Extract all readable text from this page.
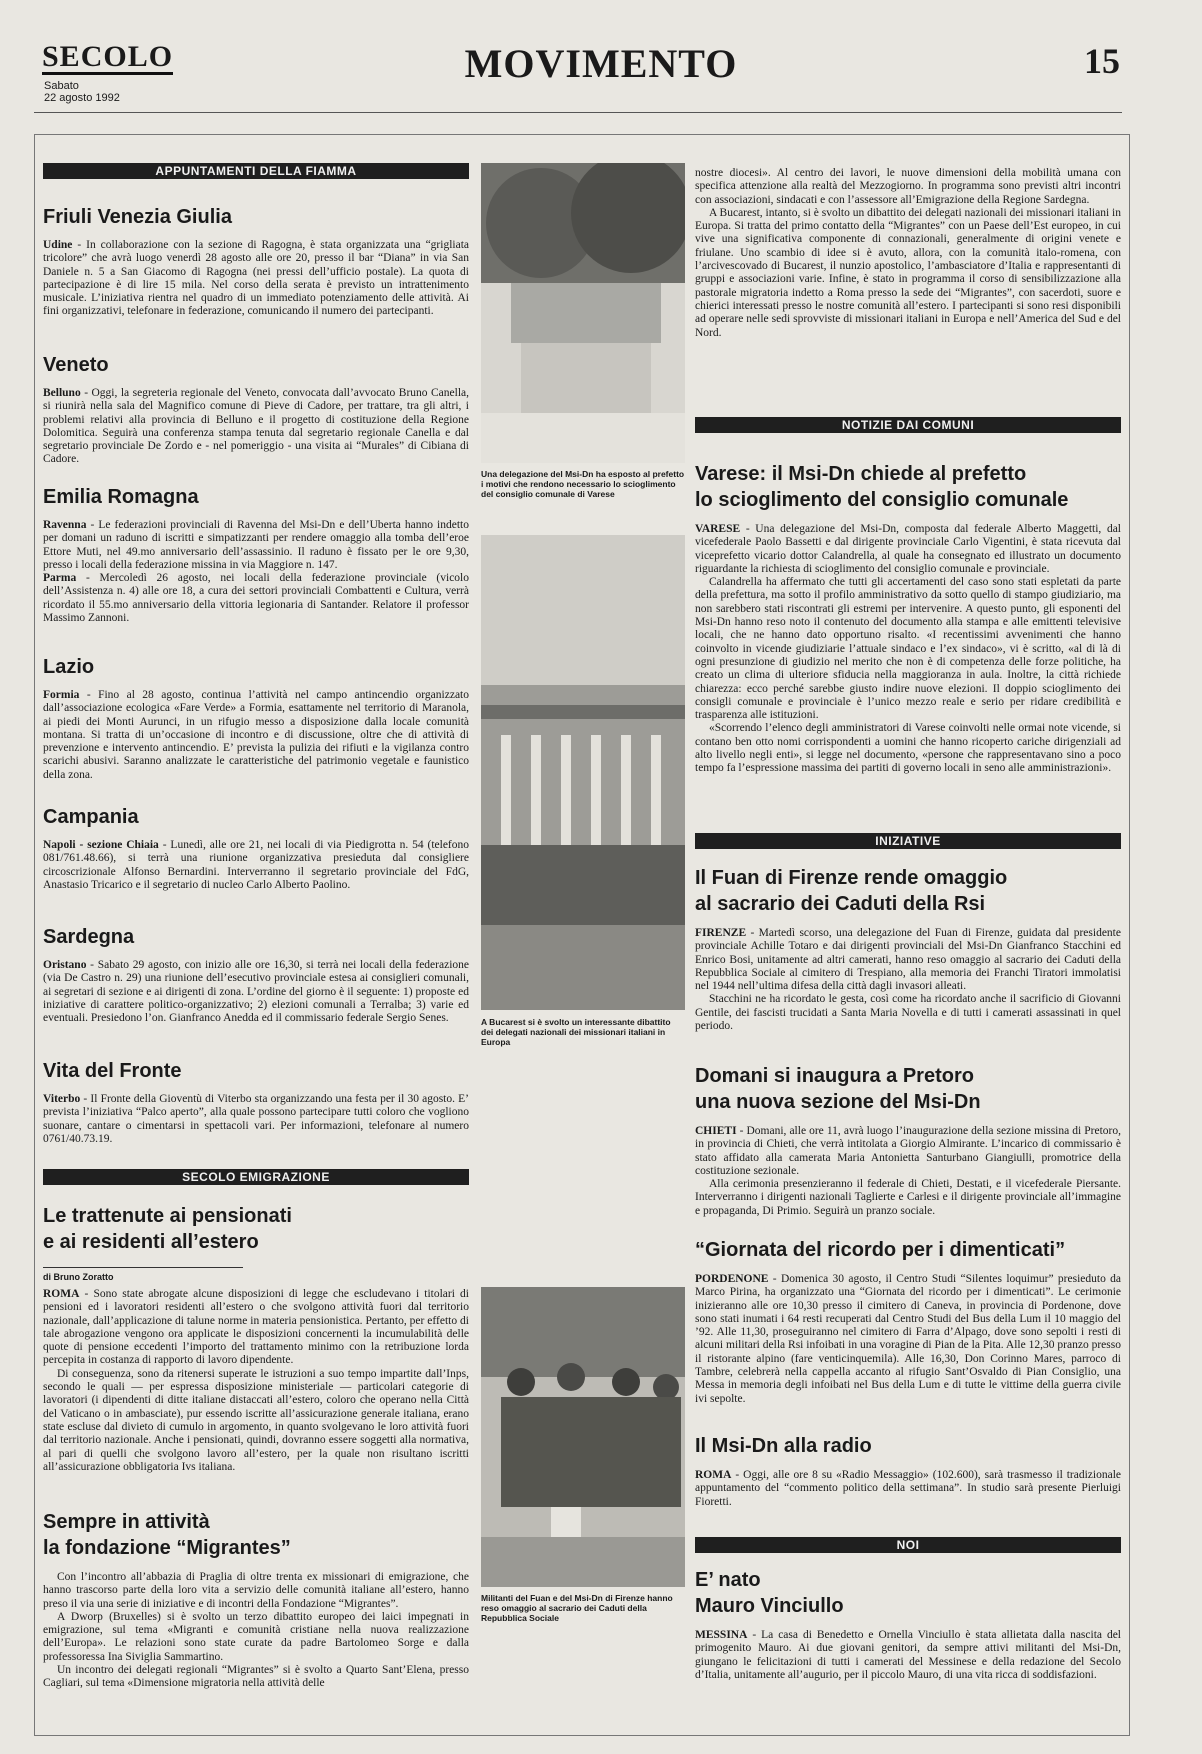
SECOLO
Sabato
22 agosto 1992
MOVIMENTO	15
APPUNTAMENTI DELLA FIAMMA
Friuli Venezia Giulia

Udine - In collaborazione con la sezione di Ragogna, è stata organizzata una “grigliata tricolore” che avrà luogo venerdì 28 agosto alle ore 20, presso il bar “Diana” in via San Daniele n. 5 a San Giacomo di Ragogna (nei pressi dell’ufficio postale). La quota di partecipazione è di lire 15 mila. Nel corso della serata è previsto un intrattenimento musicale. L’iniziativa rientra nel quadro di un immediato potenziamento delle attività. Ai fini organizzativi, telefonare in federazione, comunicando il numero dei partecipanti.

Veneto

Belluno - Oggi, la segreteria regionale del Veneto, convocata dall’avvocato Bruno Canella, si riunirà nella sala del Magnifico comune di Pieve di Cadore, per trattare, tra gli altri, i problemi relativi alla provincia di Belluno e il progetto di costituzione della Regione Dolomitica. Seguirà una conferenza stampa tenuta dal segretario regionale Canella e dal segretario provinciale De Zordo e - nel pomeriggio - una visita ai “Murales” di Cibiana di Cadore.

Emilia Romagna

Ravenna - Le federazioni provinciali di Ravenna del Msi-Dn e dell’Uberta hanno indetto per domani un raduno di iscritti e simpatizzanti per rendere omaggio alla tomba dell’eroe Ettore Muti, nel 49.mo anniversario dell’assassinio. Il raduno è fissato per le ore 9,30, presso i locali della federazione missina in via Maggiore n. 147.

Parma - Mercoledì 26 agosto, nei locali della federazione provinciale (vicolo dell’Assistenza n. 4) alle ore 18, a cura dei settori provinciali Combattenti e Cultura, verrà ricordato il 55.mo anniversario della vittoria legionaria di Santander. Relatore il professor Massimo Zannoni.

Lazio

Formia - Fino al 28 agosto, continua l’attività nel campo antincendio organizzato dall’associazione ecologica «Fare Verde» a Formia, esattamente nel territorio di Maranola, ai piedi dei Monti Aurunci, in un rifugio messo a disposizione dalla locale comunità montana. Si tratta di un’occasione di incontro e di discussione, oltre che di attività di prevenzione e intervento antincendio. E’ prevista la pulizia dei rifiuti e la vigilanza contro scarichi abusivi. Saranno analizzate le caratteristiche del patrimonio vegetale e faunistico della zona.

Campania

Napoli - sezione Chiaia - Lunedì, alle ore 21, nei locali di via Piedigrotta n. 54 (telefono 081/761.48.66), si terrà una riunione organizzativa presieduta dal consigliere circoscrizionale Alfonso Bernardini. Interverranno il segretario provinciale del FdG, Anastasio Tricarico e il segretario di nucleo Carlo Alberto Paolino.

Sardegna

Oristano - Sabato 29 agosto, con inizio alle ore 16,30, si terrà nei locali della federazione (via De Castro n. 29) una riunione dell’esecutivo provinciale estesa ai consiglieri comunali, ai segretari di sezione e ai dirigenti di zona. L’ordine del giorno è il seguente: 1) proposte ed iniziative di carattere politico-organizzativo; 2) elezioni comunali a Terralba; 3) varie ed eventuali. Presiedono l’on. Gianfranco Anedda ed il commissario federale Sergio Senes.

Vita del Fronte

Viterbo - Il Fronte della Gioventù di Viterbo sta organizzando una festa per il 30 agosto. E’ prevista l’iniziativa “Palco aperto”, alla quale possono partecipare tutti coloro che vogliono suonare, cantare o cimentarsi in spettacoli vari. Per informazioni, telefonare al numero 0761/40.73.19.

SECOLO EMIGRAZIONE
Le trattenute ai pensionati
e ai residenti all’estero
di Bruno Zoratto

ROMA - Sono state abrogate alcune disposizioni di legge che escludevano i titolari di pensioni ed i lavoratori residenti all’estero o che svolgono attività fuori dal territorio nazionale, dall’applicazione di talune norme in materia pensionistica. Pertanto, per effetto di tale abrogazione vengono ora applicate le disposizioni concernenti la incumulabilità delle quote di pensione eccedenti l’importo del trattamento minimo con la retribuzione lorda percepita in costanza di rapporto di lavoro dipendente.

Di conseguenza, sono da ritenersi superate le istruzioni a suo tempo impartite dall’Inps, secondo le quali — per espressa disposizione ministeriale — particolari categorie di lavoratori (i dipendenti di ditte italiane distaccati all’estero, coloro che operano nella Città del Vaticano o in ambasciate), pur essendo iscritte all’assicurazione generale italiana, erano state escluse dal divieto di cumulo in argomento, in quanto svolgevano le loro attività fuori dal territorio nazionale. Anche i pensionati, quindi, dovranno essere soggetti alla normativa, al pari di quelli che svolgono lavoro all’estero, per la quale non risultano iscritti all’assicurazione obbligatoria Ivs italiana.

Sempre in attività
la fondazione “Migrantes”

Con l’incontro all’abbazia di Praglia di oltre trenta ex missionari di emigrazione, che hanno trascorso parte della loro vita a servizio delle comunità italiane all’estero, hanno preso il via una serie di iniziative e di incontri della Fondazione “Migrantes”.

A Dworp (Bruxelles) si è svolto un terzo dibattito europeo dei laici impegnati in emigrazione, sul tema «Migranti e comunità cristiane nella nuova realizzazione dell’Europa». Le relazioni sono state curate da padre Bartolomeo Sorge e dalla professoressa Ina Siviglia Sammartino.

Un incontro dei delegati regionali “Migrantes” si è svolto a Quarto Sant’Elena, presso Cagliari, sul tema «Dimensione migratoria nella attività delle

Una delegazione del Msi-Dn ha esposto al prefetto i motivi che rendono necessario lo scioglimento del consiglio comunale di Varese
A Bucarest si è svolto un interessante dibattito dei delegati nazionali dei missionari italiani in Europa
Militanti del Fuan e del Msi-Dn di Firenze hanno reso omaggio al sacrario dei Caduti della Repubblica Sociale

nostre diocesi». Al centro dei lavori, le nuove dimensioni della mobilità umana con specifica attenzione alla realtà del Mezzogiorno. In programma sono previsti altri incontri con associazioni, sindacati e con l’assessore all’Emigrazione della Regione Sardegna.

A Bucarest, intanto, si è svolto un dibattito dei delegati nazionali dei missionari italiani in Europa. Si tratta del primo contatto della “Migrantes” con un Paese dell’Est europeo, in cui vive una significativa componente di connazionali, generalmente di origini venete e friulane. Uno scambio di idee si è avuto, allora, con la comunità italo-romena, con l’arcivescovado di Bucarest, il nunzio apostolico, l’ambasciatore d’Italia e rappresentanti di gruppi e associazioni varie. Infine, è stato in programma il corso di sensibilizzazione alla pastorale migratoria indetto a Roma presso la sede dei “Migrantes”, con sacerdoti, suore e chierici interessati presso le nostre comunità all’estero. I partecipanti si sono resi disponibili ad operare nelle sedi sprovviste di missionari italiani in Europa e nell’America del Sud e del Nord.

NOTIZIE DAI COMUNI
Varese: il Msi-Dn chiede al prefetto
lo scioglimento del consiglio comunale

VARESE - Una delegazione del Msi-Dn, composta dal federale Alberto Maggetti, dal vicefederale Paolo Bassetti e dal dirigente provinciale Carlo Vigentini, è stata ricevuta dal viceprefetto vicario dottor Calandrella, al quale ha consegnato ed illustrato un documento riguardante la richiesta di scioglimento del consiglio comunale e provinciale.

Calandrella ha affermato che tutti gli accertamenti del caso sono stati espletati da parte della prefettura, ma sotto il profilo amministrativo da sotto quello di stampo giudiziario, ma non sarebbero stati riscontrati gli estremi per intervenire. A questo punto, gli esponenti del Msi-Dn hanno reso noto il contenuto del documento alla stampa e alle emittenti televisive locali, che ne hanno dato opportuno risalto. «I recentissimi avvenimenti che hanno coinvolto in vicende giudiziarie l’attuale sindaco e l’ex sindaco», vi è scritto, «al di là di ogni presunzione di giudizio nel merito che non è di competenza delle forze politiche, ha creato un clima di ulteriore sfiducia nella maggioranza in aula. Inoltre, la città richiede chiarezza: ecco perché sarebbe giusto indire nuove elezioni. Il doppio scioglimento dei consigli comunale e provinciale è l’unico mezzo reale e serio per ridare credibilità e trasparenza alle istituzioni.

«Scorrendo l’elenco degli amministratori di Varese coinvolti nelle ormai note vicende, si contano ben otto nomi corrispondenti a uomini che hanno ricoperto cariche dirigenziali ad alto livello negli enti», si legge nel documento, «persone che rappresentavano sino a poco tempo fa l’espressione massima dei partiti di governo locali in seno alle amministrazioni».

INIZIATIVE
Il Fuan di Firenze rende omaggio
al sacrario dei Caduti della Rsi

FIRENZE - Martedì scorso, una delegazione del Fuan di Firenze, guidata dal presidente provinciale Achille Totaro e dai dirigenti provinciali del Msi-Dn Gianfranco Stacchini ed Enrico Bosi, unitamente ad altri camerati, hanno reso omaggio al sacrario dei Caduti della Repubblica Sociale al cimitero di Trespiano, alla memoria dei Franchi Tiratori immolatisi nel 1944 nell’ultima difesa della città dagli invasori alleati.

Stacchini ne ha ricordato le gesta, così come ha ricordato anche il sacrificio di Giovanni Gentile, dei fascisti trucidati a Santa Maria Novella e di tutti i camerati assassinati in quel periodo.

Domani si inaugura a Pretoro
una nuova sezione del Msi-Dn

CHIETI - Domani, alle ore 11, avrà luogo l’inaugurazione della sezione missina di Pretoro, in provincia di Chieti, che verrà intitolata a Giorgio Almirante. L’incarico di commissario è stato affidato alla camerata Maria Antonietta Santurbano Giangiulli, promotrice della costituzione sezionale.

Alla cerimonia presenzieranno il federale di Chieti, Destati, e il vicefederale Piersante. Interverranno i dirigenti nazionali Taglierte e Carlesi e il dirigente provinciale all’immagine e propaganda, Di Primio. Seguirà un pranzo sociale.

“Giornata del ricordo per i dimenticati”

PORDENONE - Domenica 30 agosto, il Centro Studi “Silentes loquimur” presieduto da Marco Pirina, ha organizzato una “Giornata del ricordo per i dimenticati”. Le cerimonie inizieranno alle ore 10,30 presso il cimitero di Caneva, in provincia di Pordenone, dove sono stati inumati i 64 resti recuperati dal Centro Studi del Bus della Lum il 10 maggio del ’92. Alle 11,30, proseguiranno nel cimitero di Farra d’Alpago, dove sono sepolti i resti di alcuni militari della Rsi infoibati in una voragine di Pian de la Pita. Alle 12,30 pranzo presso il ristorante alpino (fare venticinquemila). Alle 16,30, Don Corinno Mares, parroco di Tambre, celebrerà nella cappella accanto al rifugio Sant’Osvaldo di Pian Consiglio, una Messa in memoria degli infoibati nel Bus della Lum e di tutte le vittime della guerra civile ivi sepolte.

Il Msi-Dn alla radio

ROMA - Oggi, alle ore 8 su «Radio Messaggio» (102.600), sarà trasmesso il tradizionale appuntamento del “commento politico della settimana”. In studio sarà presente Pierluigi Fioretti.

NOI
E’ nato
Mauro Vinciullo

MESSINA - La casa di Benedetto e Ornella Vinciullo è stata allietata dalla nascita del primogenito Mauro. Ai due giovani genitori, da sempre attivi militanti del Msi-Dn, giungano le felicitazioni di tutti i camerati del Messinese e della redazione del Secolo d’Italia, unitamente all’augurio, per il piccolo Mauro, di una vita ricca di soddisfazioni.
